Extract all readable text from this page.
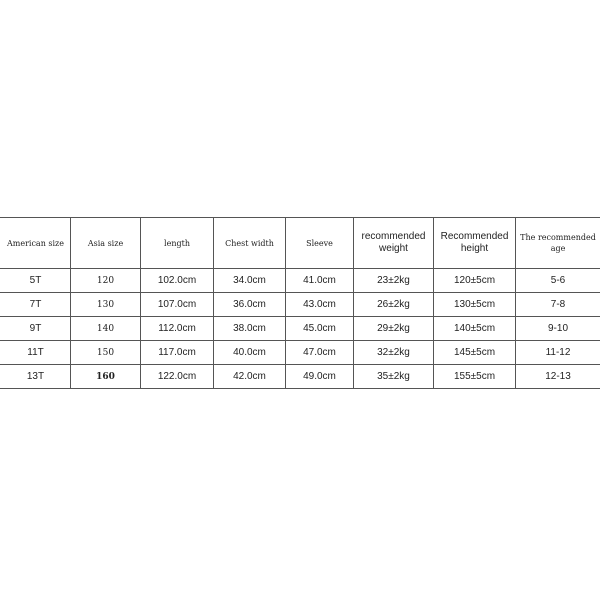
American size	Asia size	length	Chest width	Sleeve	recommended weight	Recommended height	The recommended age
5T	120	102.0cm	34.0cm	41.0cm	23±2kg	120±5cm	5-6
7T	130	107.0cm	36.0cm	43.0cm	26±2kg	130±5cm	7-8
9T	140	112.0cm	38.0cm	45.0cm	29±2kg	140±5cm	9-10
11T	150	117.0cm	40.0cm	47.0cm	32±2kg	145±5cm	11-12
13T	160	122.0cm	42.0cm	49.0cm	35±2kg	155±5cm	12-13
